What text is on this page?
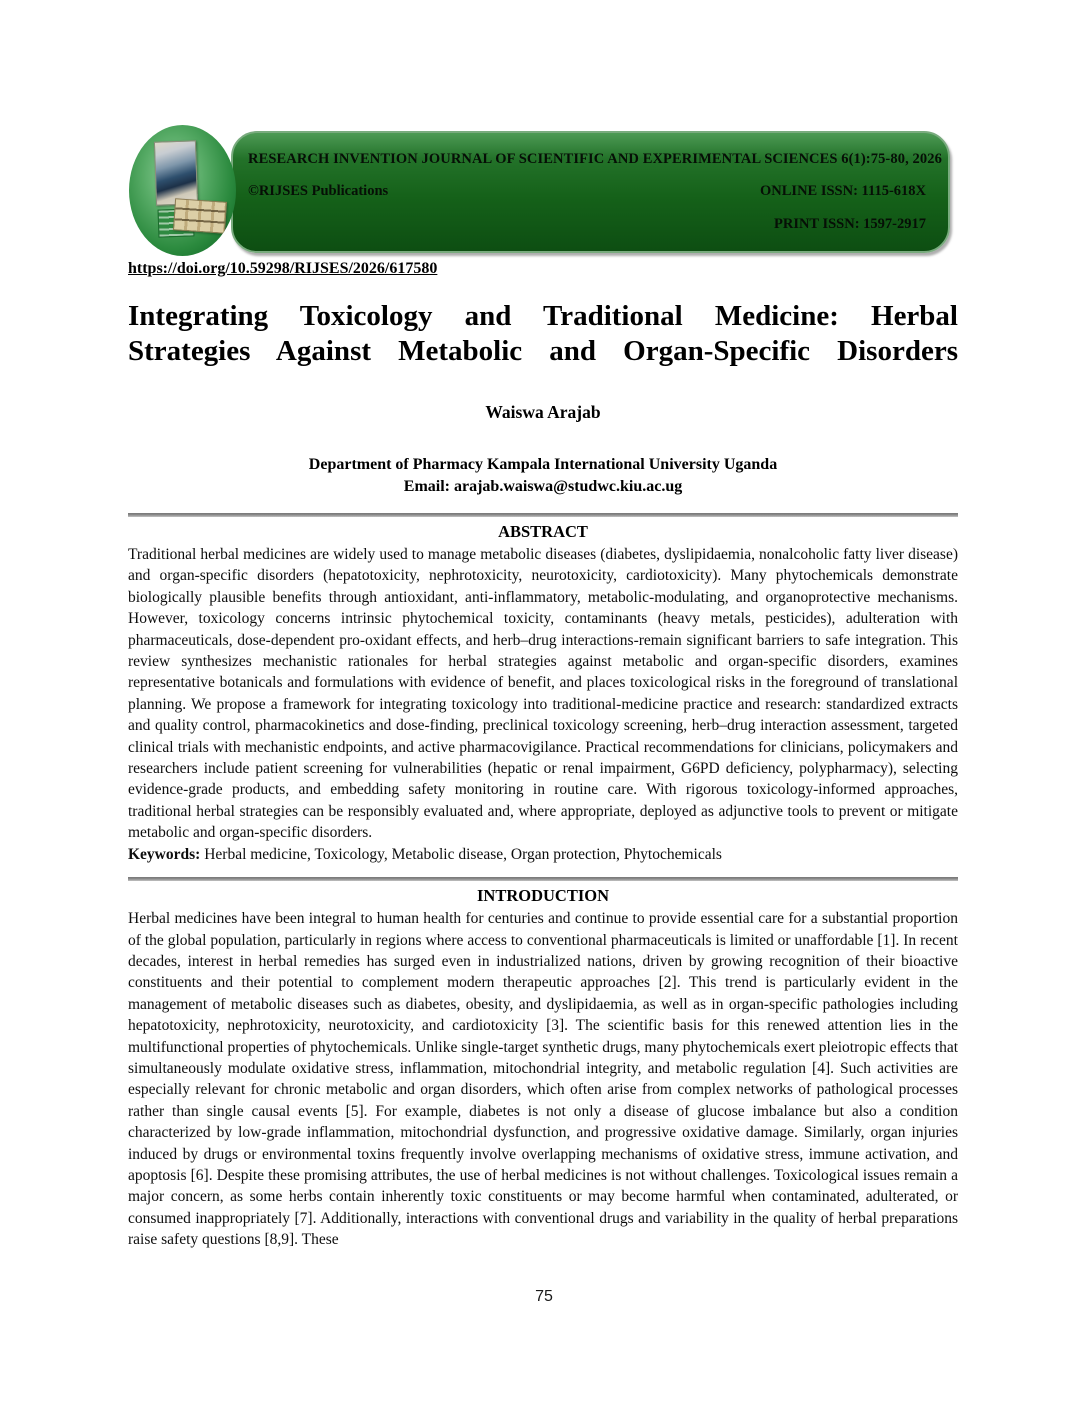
RESEARCH INVENTION JOURNAL OF SCIENTIFIC AND EXPERIMENTAL SCIENCES 6(1):75-80, 2026
©RIJSES Publications	ONLINE ISSN: 1115-618X
PRINT ISSN: 1597-2917
https://doi.org/10.59298/RIJSES/2026/617580
Integrating Toxicology and Traditional Medicine: Herbal
Strategies Against Metabolic and Organ-Specific Disorders
Waiswa Arajab
Department of Pharmacy Kampala International University Uganda
Email: arajab.waiswa@studwc.kiu.ac.ug
ABSTRACT

Traditional herbal medicines are widely used to manage metabolic diseases (diabetes, dyslipidaemia, nonalcoholic fatty liver disease) and organ-specific disorders (hepatotoxicity, nephrotoxicity, neurotoxicity, cardiotoxicity). Many phytochemicals demonstrate biologically plausible benefits through antioxidant, anti-inflammatory, metabolic-modulating, and organoprotective mechanisms. However, toxicology concerns intrinsic phytochemical toxicity, contaminants (heavy metals, pesticides), adulteration with pharmaceuticals, dose-dependent pro-oxidant effects, and herb–drug interactions-remain significant barriers to safe integration. This review synthesizes mechanistic rationales for herbal strategies against metabolic and organ-specific disorders, examines representative botanicals and formulations with evidence of benefit, and places toxicological risks in the foreground of translational planning. We propose a framework for integrating toxicology into traditional-medicine practice and research: standardized extracts and quality control, pharmacokinetics and dose-finding, preclinical toxicology screening, herb–drug interaction assessment, targeted clinical trials with mechanistic endpoints, and active pharmacovigilance. Practical recommendations for clinicians, policymakers and researchers include patient screening for vulnerabilities (hepatic or renal impairment, G6PD deficiency, polypharmacy), selecting evidence-grade products, and embedding safety monitoring in routine care. With rigorous toxicology-informed approaches, traditional herbal strategies can be responsibly evaluated and, where appropriate, deployed as adjunctive tools to prevent or mitigate metabolic and organ-specific disorders.
Keywords: Herbal medicine, Toxicology, Metabolic disease, Organ protection, Phytochemicals

INTRODUCTION

Herbal medicines have been integral to human health for centuries and continue to provide essential care for a substantial proportion of the global population, particularly in regions where access to conventional pharmaceuticals is limited or unaffordable [1]. In recent decades, interest in herbal remedies has surged even in industrialized nations, driven by growing recognition of their bioactive constituents and their potential to complement modern therapeutic approaches [2]. This trend is particularly evident in the management of metabolic diseases such as diabetes, obesity, and dyslipidaemia, as well as in organ-specific pathologies including hepatotoxicity, nephrotoxicity, neurotoxicity, and cardiotoxicity [3]. The scientific basis for this renewed attention lies in the multifunctional properties of phytochemicals. Unlike single-target synthetic drugs, many phytochemicals exert pleiotropic effects that simultaneously modulate oxidative stress, inflammation, mitochondrial integrity, and metabolic regulation [4]. Such activities are especially relevant for chronic metabolic and organ disorders, which often arise from complex networks of pathological processes rather than single causal events [5]. For example, diabetes is not only a disease of glucose imbalance but also a condition characterized by low-grade inflammation, mitochondrial dysfunction, and progressive oxidative damage. Similarly, organ injuries induced by drugs or environmental toxins frequently involve overlapping mechanisms of oxidative stress, immune activation, and apoptosis [6]. Despite these promising attributes, the use of herbal medicines is not without challenges. Toxicological issues remain a major concern, as some herbs contain inherently toxic constituents or may become harmful when contaminated, adulterated, or consumed inappropriately [7]. Additionally, interactions with conventional drugs and variability in the quality of herbal preparations raise safety questions [8,9]. These

75
